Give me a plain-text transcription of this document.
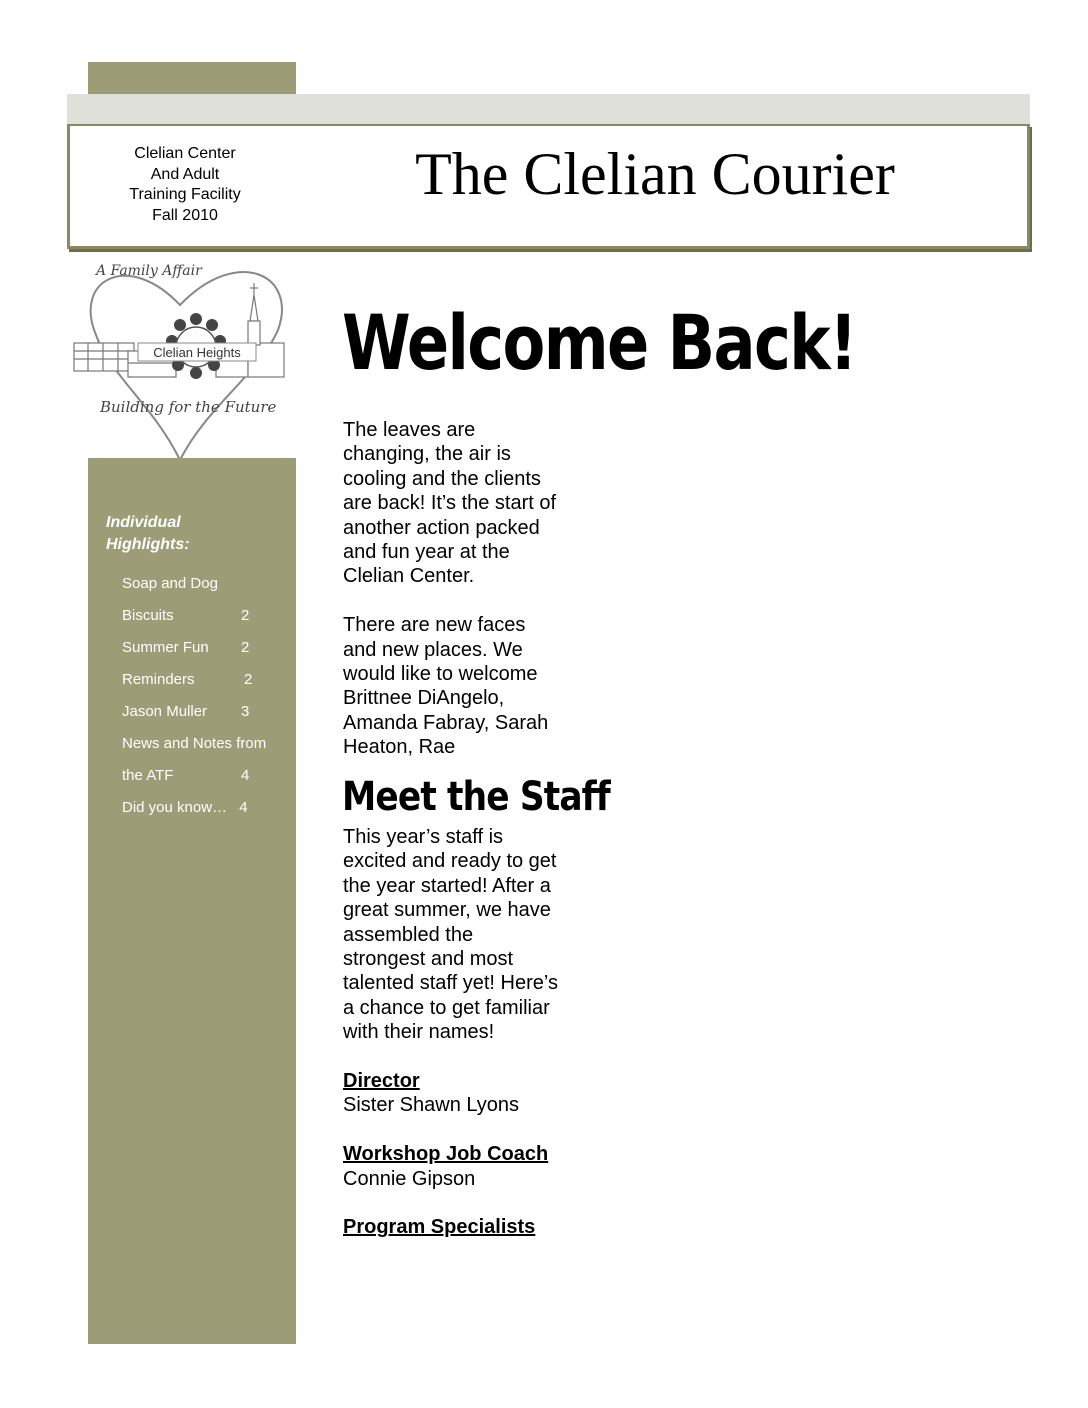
Clelian Center
And Adult
Training Facility
Fall 2010
The Clelian Courier
Clelian Heights
A Family Affair
Building for the Future
Individual Highlights:
Soap and Dog
Biscuits	2
Summer Fun 2
Reminders	2
Jason Muller 3
News and Notes from
the ATF	4
Did you know… 4
Welcome Back!

The leaves are changing, the air is cooling and the clients are back! It’s the start of another action packed and fun year at the Clelian Center.

There are new faces and new places. We would like to welcome Brittnee DiAngelo, Amanda Fabray, Sarah Heaton, Rae

Meet the Staff

This year’s staff is excited and ready to get the year started! After a great summer, we have assembled the strongest and most talented staff yet! Here’s a chance to get familiar with their names!

Director

Sister Shawn Lyons

Workshop Job Coach

Connie Gipson

Program Specialists
